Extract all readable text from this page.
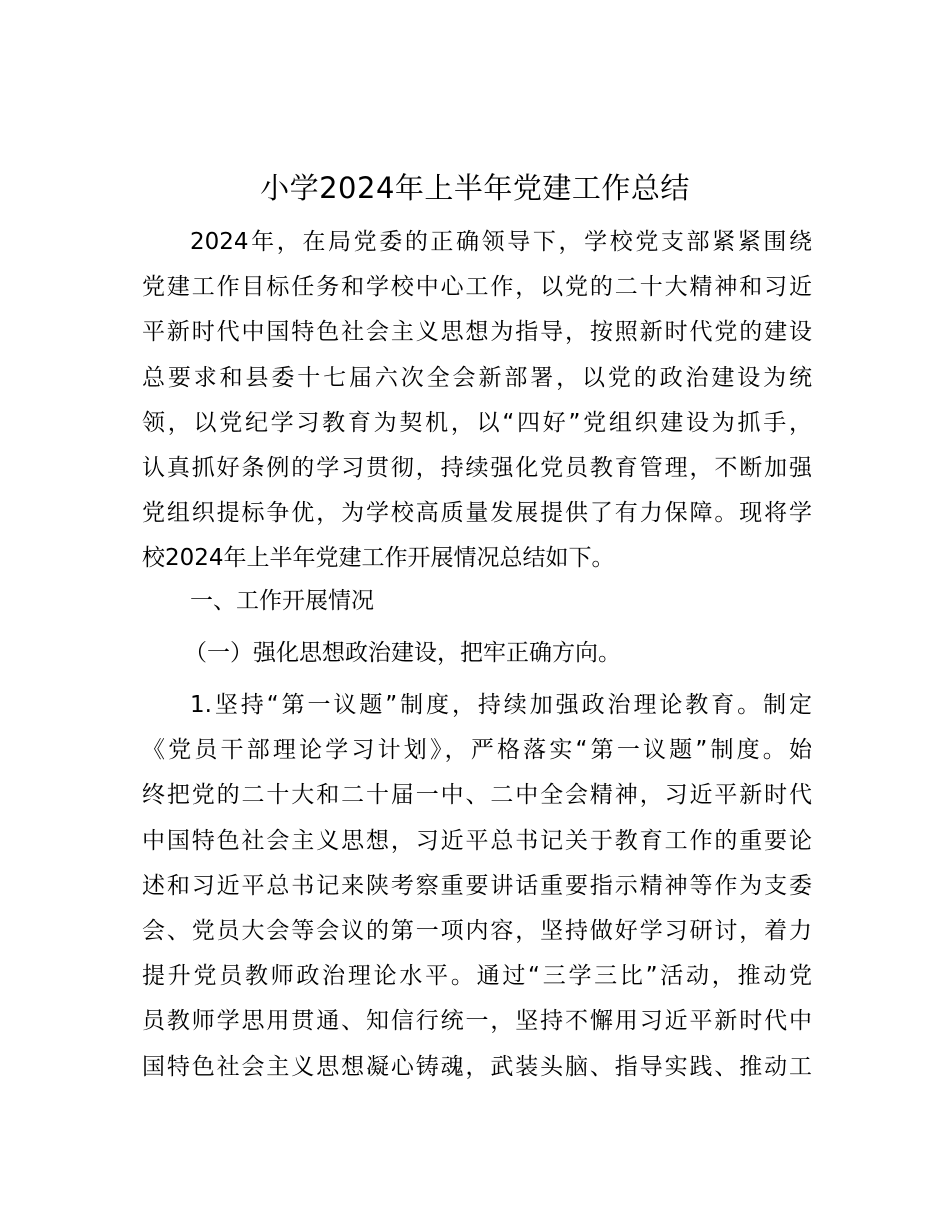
小学2024年上半年党建工作总结
2024年，在局党委的正确领导下，学校党支部紧紧围绕
党建工作目标任务和学校中心工作，以党的二十大精神和习近
平新时代中国特色社会主义思想为指导，按照新时代党的建设
总要求和县委十七届六次全会新部署，以党的政治建设为统
领，以党纪学习教育为契机，以“四好”党组织建设为抓手，
认真抓好条例的学习贯彻，持续强化党员教育管理，不断加强
党组织提标争优，为学校高质量发展提供了有力保障。现将学
校2024年上半年党建工作开展情况总结如下。
一、工作开展情况
（一）强化思想政治建设，把牢正确方向。
1.坚持“第一议题”制度，持续加强政治理论教育。制定
《党员干部理论学习计划》，严格落实“第一议题”制度。始
终把党的二十大和二十届一中、二中全会精神，习近平新时代
中国特色社会主义思想，习近平总书记关于教育工作的重要论
述和习近平总书记来陕考察重要讲话重要指示精神等作为支委
会、党员大会等会议的第一项内容，坚持做好学习研讨，着力
提升党员教师政治理论水平。通过“三学三比”活动，推动党
员教师学思用贯通、知信行统一，坚持不懈用习近平新时代中
国特色社会主义思想凝心铸魂，武装头脑、指导实践、推动工
